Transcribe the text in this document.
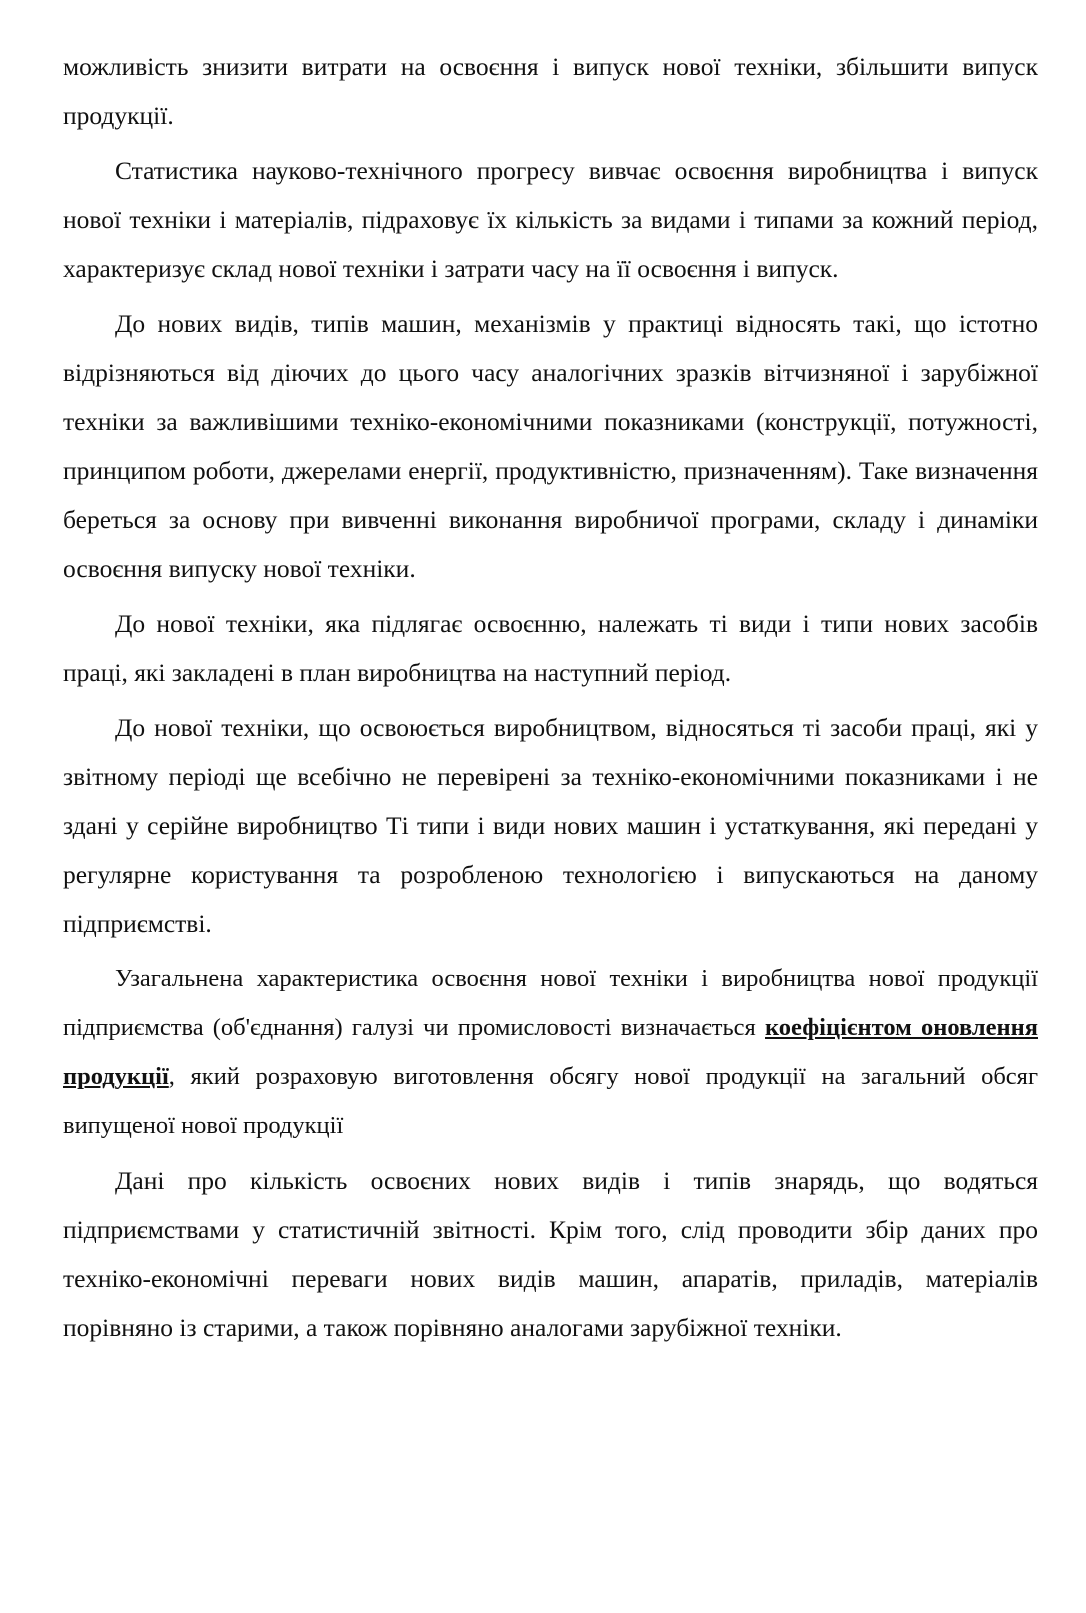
можливість знизити витрати на освоєння і випуск нової техніки, збільшити випуск продукції.

Статистика науково-технічного прогресу вивчає освоєння виробництва і випуск нової техніки і матеріалів, підраховує їх кількість за видами і типами за кожний період, характеризує склад нової техніки і затрати часу на її освоєння і випуск.

До нових видів, типів машин, механізмів у практиці відносять такі, що істотно відрізняються від діючих до цього часу аналогічних зразків вітчизняної і зарубіжної техніки за важливішими техніко-економічними показниками (конструкції, потужності, принципом роботи, джерелами енергії, продуктивністю, призначенням). Таке визначення береться за основу при вивченні виконання виробничої програми, складу і динаміки освоєння випуску нової техніки.

До нової техніки, яка підлягає освоєнню, належать ті види і типи нових засобів праці, які закладені в план виробництва на наступний період.

До нової техніки, що освоюється виробництвом, відносяться ті засоби праці, які у звітному періоді ще всебічно не перевірені за техніко-економічними показниками і не здані у серійне виробництво Ті типи і види нових машин і устаткування, які передані у регулярне користування та розробленою технологією і випускаються на даному підприємстві.

Узагальнена характеристика освоєння нової техніки і виробництва нової продукції підприємства (об'єднання) галузі чи промисловості визначається коефіцієнтом оновлення продукції, який розраховую виготовлення обсягу нової продукції на загальний обсяг випущеної нової продукції

Дані про кількість освоєних нових видів і типів знарядь, що водяться підприємствами у статистичній звітності. Крім того, слід проводити збір даних про техніко-економічні переваги нових видів машин, апаратів, приладів, матеріалів порівняно із старими, а також порівняно аналогами зарубіжної техніки.
